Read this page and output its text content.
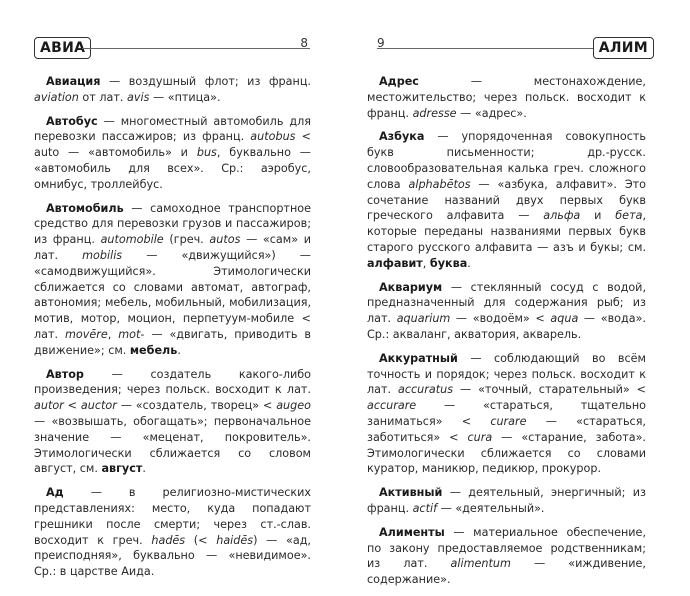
АВИА	8

Авиация — воздушный флот; из франц. aviation от лат. avis — «птица».

Автобус — многоместный автомобиль для перевозки пассажиров; из франц. autobus < auto — «автомобиль» и bus, буквально — «автомобиль для всех». Ср.: аэробус, омнибус, троллейбус.

Автомобиль — самоходное транспортное средство для перевозки грузов и пассажиров; из франц. automobile (греч. autos — «сам» и лат. mobilis — «движущийся») — «самодвижущийся». Этимологически сближается со словами автомат, автограф, автономия; мебель, мобильный, мобилизация, мотив, мотор, моцион, перпетуум-мобиле < лат. movēre, mot- — «двигать, приводить в движение»; см. мебель.

Автор — создатель какого-либо произведения; через польск. восходит к лат. autor < auctor — «создатель, творец» < augeo — «возвышать, обогащать»; первоначальное значение — «меценат, покровитель». Этимологически сближается со словом август, см. август.

Ад — в религиозно-мистических представлениях: место, куда попадают грешники после смерти; через ст.-слав. восходит к греч. hadēs (< haidēs) — «ад, преисподняя», буквально — «невидимое». Ср.: в царстве Аида.

9	АЛИМ

Адрес — местонахождение, местожительство; через польск. восходит к франц. adresse — «адрес».

Азбука — упорядоченная совокупность букв письменности; др.-русск. словообразовательная калька греч. сложного слова alphabētos — «азбука, алфавит». Это сочетание названий двух первых букв греческого алфавита — альфа и бета, которые переданы названиями первых букв старого русского алфавита — азъ и букы; см. алфавит, буква.

Аквариум — стеклянный сосуд с водой, предназначенный для содержания рыб; из лат. aquarium — «водоём» < aqua — «вода». Ср.: акваланг, акватория, акварель.

Аккуратный — соблюдающий во всём точность и порядок; через польск. восходит к лат. accuratus — «точный, старательный» < accurare — «стараться, тщательно заниматься» < curare — «стараться, заботиться» < cura — «старание, забота». Этимологически сближается со словами куратор, маникюр, педикюр, прокурор.

Активный — деятельный, энергичный; из франц. actif — «деятельный».

Алименты — материальное обеспечение, по закону предоставляемое родственникам; из лат. alimentum — «иждивение, содержание».
